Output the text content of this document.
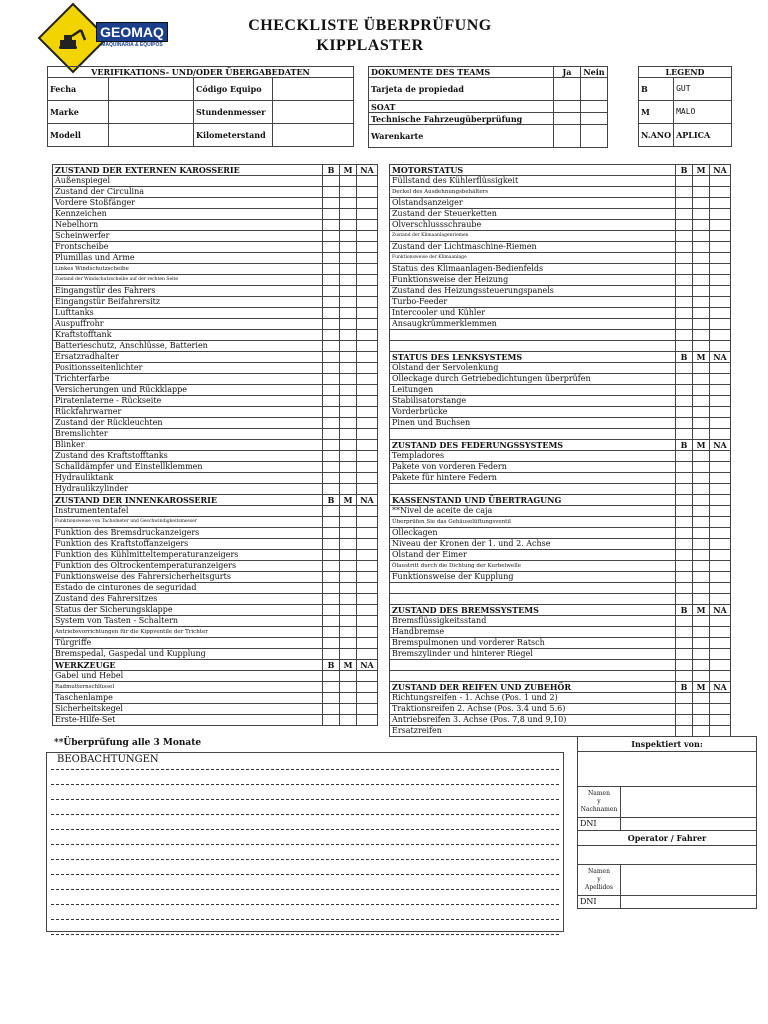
GEOMAQ
MAQUINARIA & EQUIPOS
CHECKLISTE ÜBERPRÜFUNG
KIPPLASTER
VERIFIKATIONS- UND/ODER ÜBERGABEDATEN			
Fecha		Código Equipo	
Marke		Stundenmesser	
Modell		Kilometerstand	
DOKUMENTE DES TEAMS	Ja	Nein
Tarjeta de propiedad		
SOAT		
Technische Fahrzeugüberprüfung		
Warenkarte		
LEGEND	
B	GUT
M	MALO
N.ANO	APLICA
ZUSTAND DER EXTERNEN KAROSSERIE	B	M	NA
Außenspiegel			
Zustand der Circulina			
Vordere Stoßfänger			
Kennzeichen			
Nebelhorn			
Scheinwerfer			
Frontscheibe			
Plumillas und Arme			
Linkes Windschutzscheibe			
Zustand der Windschutzscheibe auf der rechten Seite			
Eingangstür des Fahrers			
Eingangstür Beifahrersitz			
Lufttanks			
Auspuffrohr			
Kraftstofftank			
Batterieschutz, Anschlüsse, Batterien			
Ersatzradhalter			
Positionsseitenlichter			
Trichterfarbe			
Versicherungen und Rückklappe			
Piratenlaterne - Rückseite			
Rückfahrwarner			
Zustand der Rückleuchten			
Bremslichter			
Blinker			
Zustand des Kraftstofftanks			
Schalldämpfer und Einstellklemmen			
Hydrauliktank			
Hydraulikzylinder			
ZUSTAND DER INNENKAROSSERIE	B	M	NA
Instrumententafel			
Funktionsweise von Tachometer und Geschwindigkeitsmesser			
Funktion des Bremsdruckanzeigers			
Funktion des Kraftstoffanzeigers			
Funktion des Kühlmitteltemperaturanzeigers			
Funktion des Öltrockentemperaturanzeigers			
Funktionsweise des Fahrersicherheitsgurts			
Estado de cinturones de seguridad			
Zustand des Fahrersitzes			
Status der Sicherungsklappe			
System von Tasten - Schaltern			
Antriebsvorrichtungen für die Kippventile der Trichter			
Türgriffe			
Bremspedal, Gaspedal und Kupplung			
WERKZEUGE	B	M	NA
Gabel und Hebel			
Radmutternschlüssel			
Taschenlampe			
Sicherheitskegel			
Erste-Hilfe-Set			
MOTORSTATUS	B	M	NA
Füllstand des Kühlerflüssigkeit			
Deckel des Ausdehnungsbehälters			
Ölstandsanzeiger			
Zustand der Steuerketten			
Ölverschlussschraube			
Zustand der Klimaanlagenriemen			
Zustand der Lichtmaschine-Riemen			
Funktionsweise der Klimaanlage			
Status des Klimaanlagen-Bedienfelds			
Funktionsweise der Heizung			
Zustand des Heizungssteuerungspanels			
Turbo-Feeder			
Intercooler und Kühler			
Ansaugkrümmerklemmen			

STATUS DES LENKSYSTEMS	B	M	NA
Ölstand der Servolenkung			
Ölleckage durch Getriebedichtungen überprüfen			
Leitungen			
Stabilisatorstange			
Vorderbrücke			
Pinen und Buchsen			

ZUSTAND DES FEDERUNGSSYSTEMS	B	M	NA
Templadores			
Pakete von vorderen Federn			
Pakete für hintere Federn			

KASSENSTAND UND ÜBERTRAGUNG			
**Nivel de aceite de caja			
Überprüfen Sie das Gehäuselüftungsventil			
Ölleckagen			
Niveau der Kronen der 1. und 2. Achse			
Ölstand der Eimer			
Ölaustritt durch die Dichtung der Kurbelwelle			
Funktionsweise der Kupplung			

ZUSTAND DES BREMSSYSTEMS	B	M	NA
Bremsflüssigkeitsstand			
Handbremse			
Bremspulmonen und vorderer Ratsch			
Bremszylinder und hinterer Riegel			

ZUSTAND DER REIFEN UND ZUBEHÖR	B	M	NA
Richtungsreifen - 1. Achse (Pos. 1 und 2)			
Traktionsreifen 2. Achse (Pos. 3.4 und 5.6)			
Antriebsreifen 3. Achse (Pos. 7,8 und 9,10)			
Ersatzreifen			
**Überprüfung alle 3 Monate
BEOBACHTUNGEN
Inspektiert von:	

Namen
y
Nachnamen	

DNI	
Operator / Fahrer	

Namen
y
Apellidos	

DNI	
